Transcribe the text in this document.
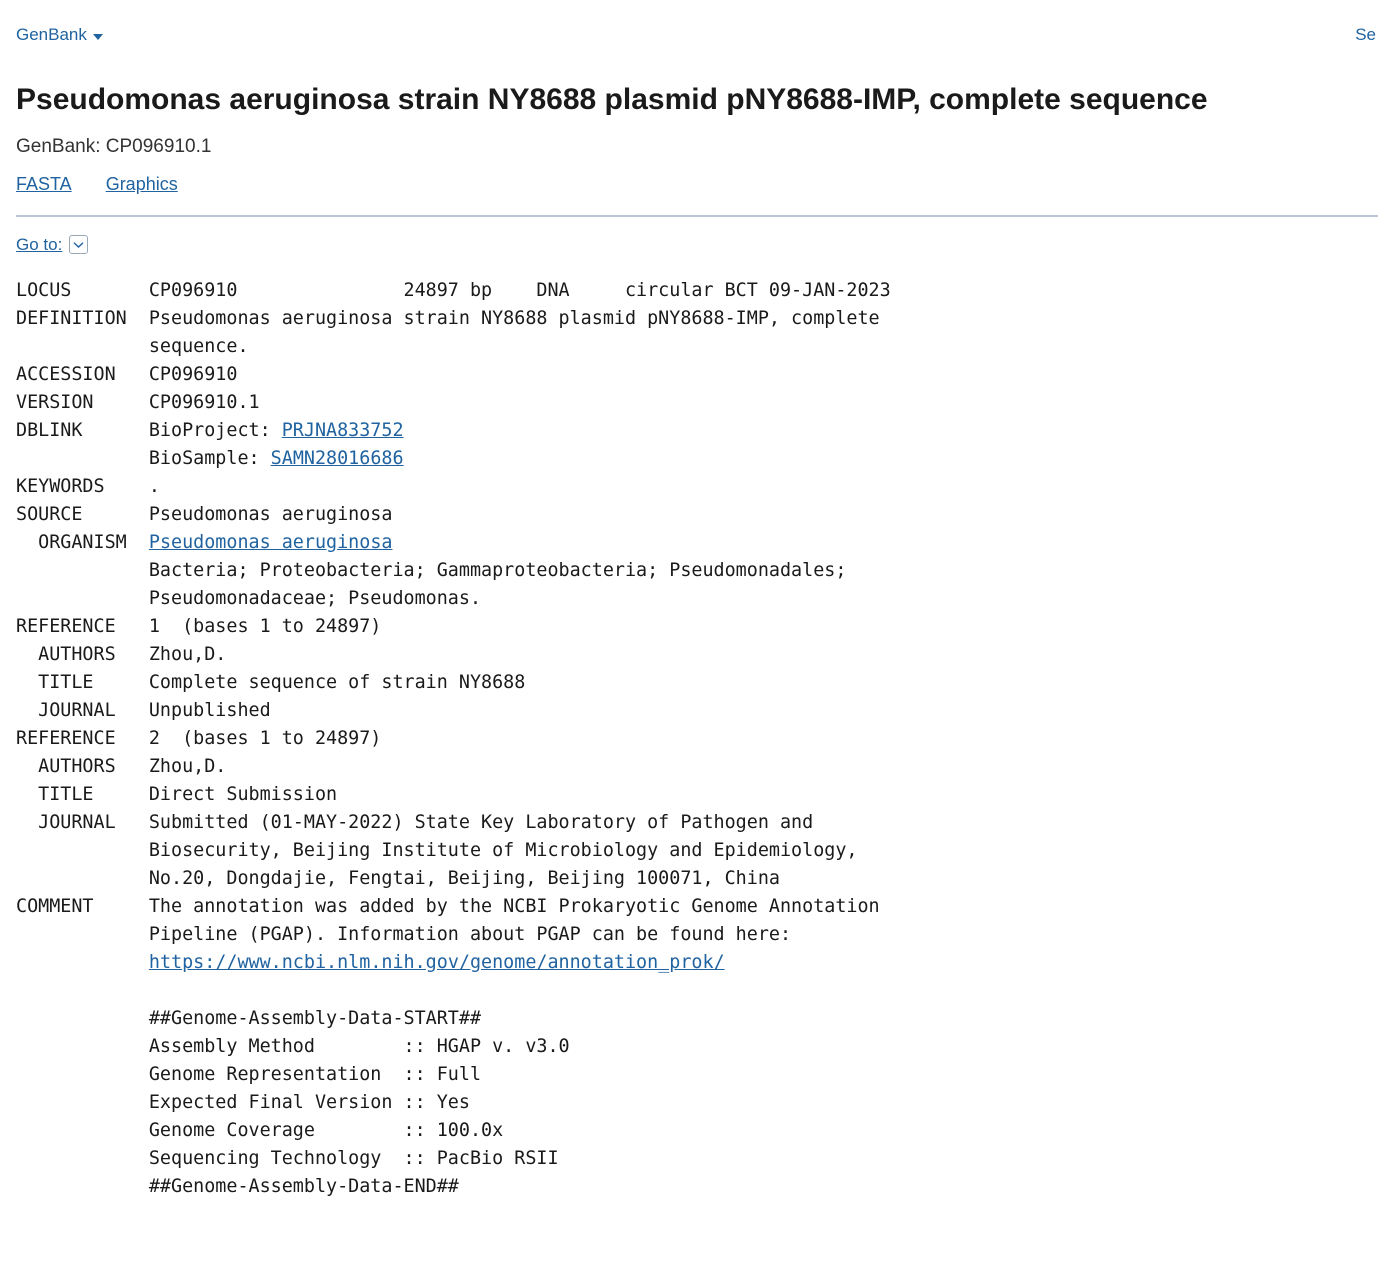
GenBank	Se
Pseudomonas aeruginosa strain NY8688 plasmid pNY8688-IMP, complete sequence
GenBank: CP096910.1
FASTA Graphics
Go to:
LOCUS       CP096910               24897 bp    DNA     circular BCT 09-JAN-2023
DEFINITION  Pseudomonas aeruginosa strain NY8688 plasmid pNY8688-IMP, complete
sequence.
ACCESSION   CP096910
VERSION     CP096910.1
DBLINK      BioProject: PRJNA833752
BioSample: SAMN28016686
KEYWORDS    .
SOURCE      Pseudomonas aeruginosa
ORGANISM  Pseudomonas aeruginosa
Bacteria; Proteobacteria; Gammaproteobacteria; Pseudomonadales;
Pseudomonadaceae; Pseudomonas.
REFERENCE   1  (bases 1 to 24897)
AUTHORS   Zhou,D.
TITLE     Complete sequence of strain NY8688
JOURNAL   Unpublished
REFERENCE   2  (bases 1 to 24897)
AUTHORS   Zhou,D.
TITLE     Direct Submission
JOURNAL   Submitted (01-MAY-2022) State Key Laboratory of Pathogen and
Biosecurity, Beijing Institute of Microbiology and Epidemiology,
No.20, Dongdajie, Fengtai, Beijing, Beijing 100071, China
COMMENT     The annotation was added by the NCBI Prokaryotic Genome Annotation
Pipeline (PGAP). Information about PGAP can be found here:
https://www.ncbi.nlm.nih.gov/genome/annotation_prok/

##Genome-Assembly-Data-START##
Assembly Method        :: HGAP v. v3.0
Genome Representation  :: Full
Expected Final Version :: Yes
Genome Coverage        :: 100.0x
Sequencing Technology  :: PacBio RSII
##Genome-Assembly-Data-END##
